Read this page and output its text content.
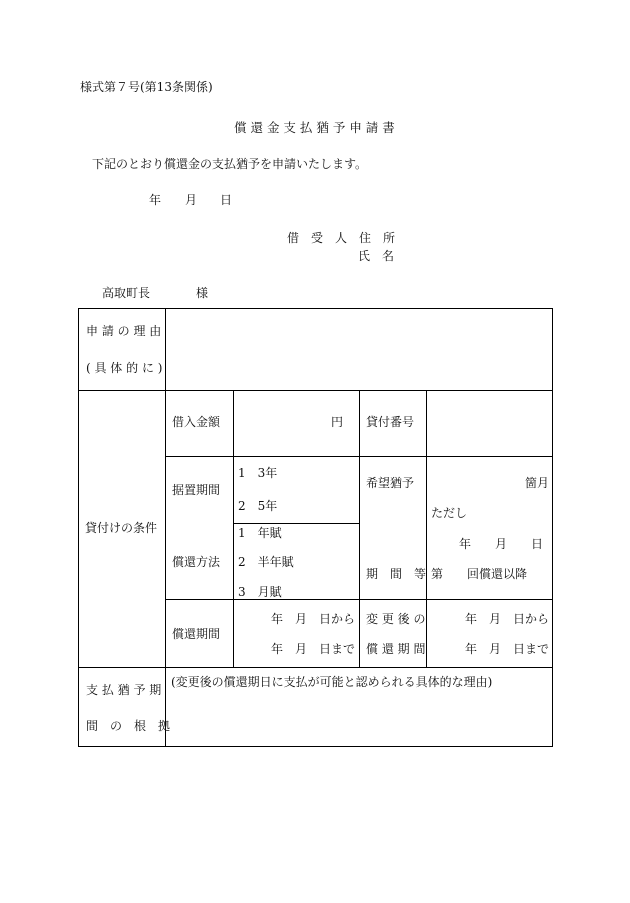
様式第７号(第13条関係)
償 還 金 支 払 猶 予 申 請 書
下記のとおり償還金の支払猶予を申請いたします。
年 月 日
借　受　人　住　所
氏　名
高取町長	様
申 請 の 理 由
( 具 体 的 に )
貸付けの条件
借入金額	円 貸付番号
据置期間
1　3年
2　5年
償還方法
1　年賦
2　半年賦
3　月賦
希望猶予
期　間　等
箇月
ただし
年　　月　　日
第　　回償還以降
償還期間
年　月　日から
年　月　日まで
変 更 後 の
償 還 期 間
年　月　日から
年　月　日まで
支 払 猶 予 期
間　の　根　拠
(変更後の償還期日に支払が可能と認められる具体的な理由)
